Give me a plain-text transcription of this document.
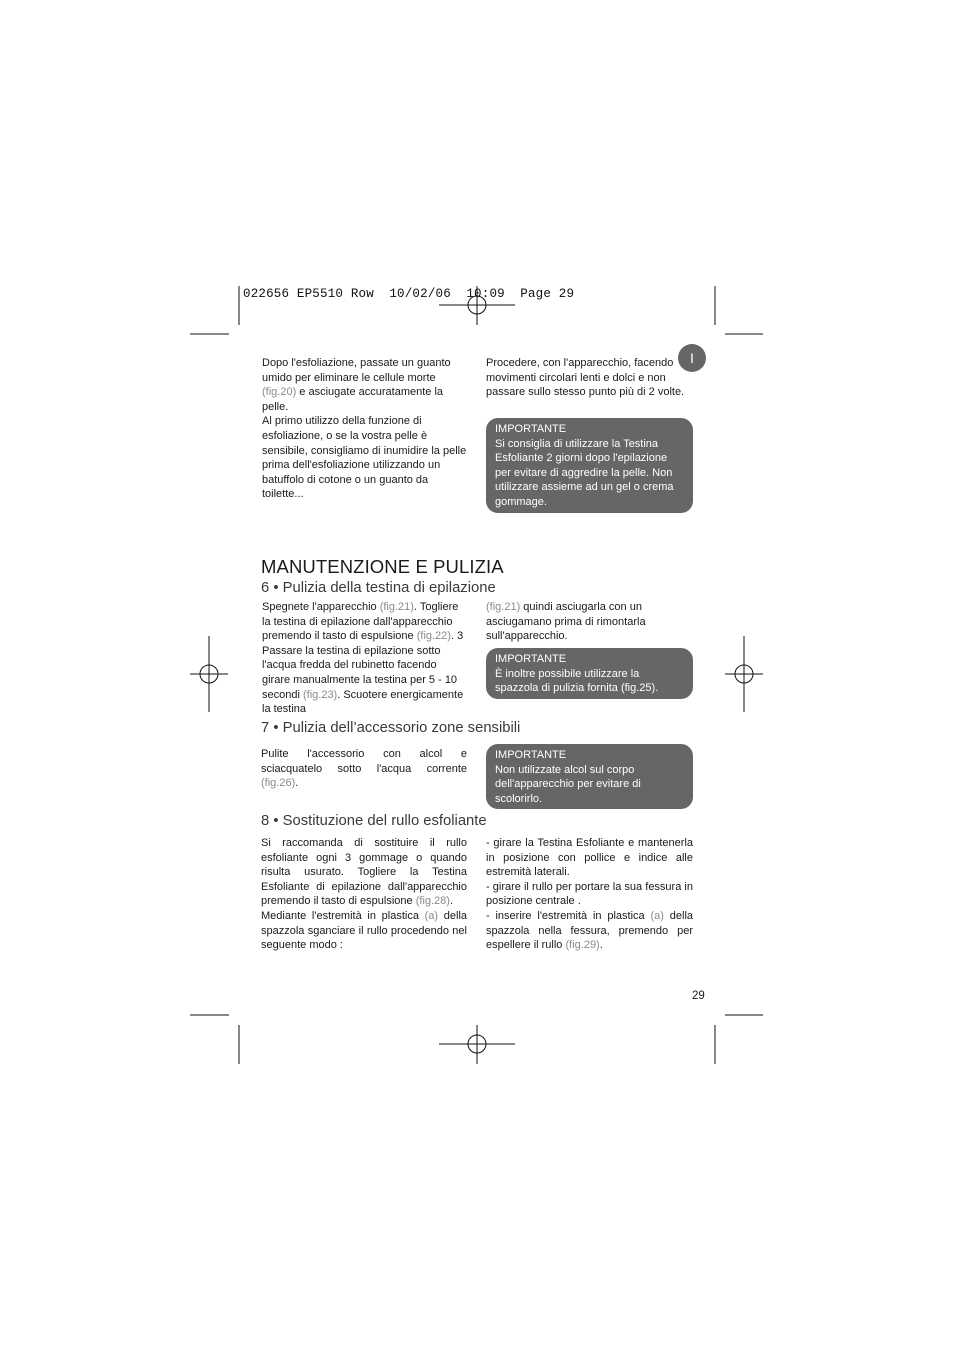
022656 EP5510 Row  10/02/06  10:09  Page 29
I

Dopo l'esfoliazione, passate un guanto umido per eliminare le cellule morte (fig.20) e asciugate accuratamente la pelle.

Al primo utilizzo della funzione di esfoliazione, o se la vostra pelle è sensibile, consigliamo di inumidire la pelle prima dell'esfoliazione utilizzando un batuffolo di cotone o un guanto da toilette...

Procedere, con l'apparecchio, facendo movimenti circolari lenti e dolci e non passare sullo stesso punto più di 2 volte.

IMPORTANTE
Si consiglia di utilizzare la Testina Esfoliante 2 giorni dopo l'epilazione per evitare di aggredire la pelle. Non utilizzare assieme ad un gel o crema gommage.
MANUTENZIONE E PULIZIA
6 • Pulizia della testina di epilazione

Spegnete l'apparecchio (fig.21). Togliere la testina di epilazione dall'apparecchio premendo il tasto di espulsione (fig.22). 3 Passare la testina di epilazione sotto l'acqua fredda del rubinetto facendo girare manualmente la testina per 5 - 10 secondi (fig.23). Scuotere energicamente la testina

(fig.21) quindi asciugarla con un asciugamano prima di rimontarla sull'apparecchio.

IMPORTANTE
È inoltre possibile utilizzare la spazzola di pulizia fornita (fig.25).
7 • Pulizia dell’accessorio zone sensibili

Pulite l'accessorio con alcol e sciacquatelo sotto l'acqua corrente (fig.26).

IMPORTANTE
Non utilizzate alcol sul corpo dell'apparecchio per evitare di scolorirlo.
8 • Sostituzione del rullo esfoliante

Si raccomanda di sostituire il rullo esfoliante ogni 3 gommage o quando risulta usurato. Togliere la Testina Esfoliante di epilazione dall'apparecchio premendo il tasto di espulsione (fig.28).

Mediante l'estremità in plastica (a) della spazzola sganciare il rullo procedendo nel seguente modo :

- girare la Testina Esfoliante e mantenerla in posizione con pollice e indice alle estremità laterali.

- girare il rullo per portare la sua fessura in posizione centrale .

- inserire l'estremità in plastica (a) della spazzola nella fessura, premendo per espellere il rullo (fig.29).

29
